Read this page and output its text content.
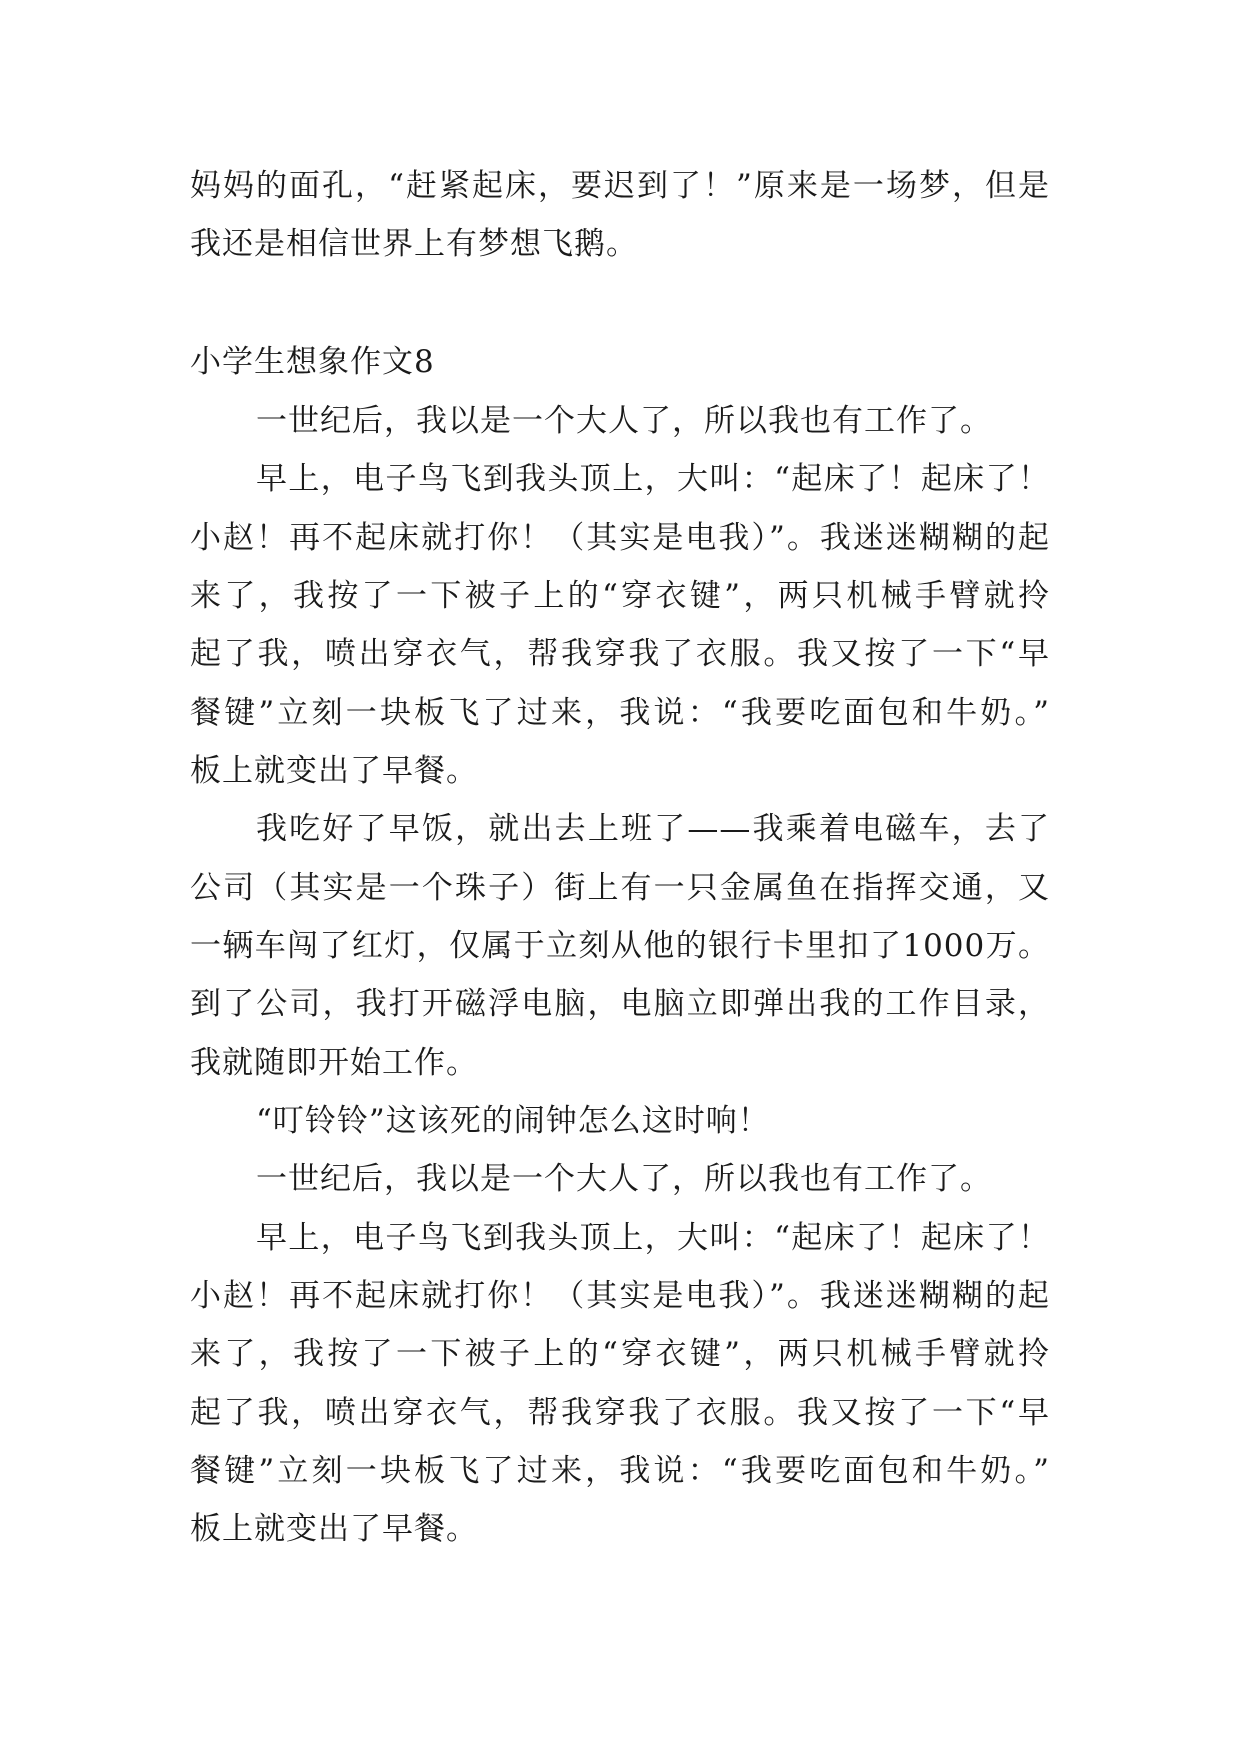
妈妈的面孔，“赶紧起床，要迟到了！”原来是一场梦，但是
我还是相信世界上有梦想飞鹅。
小学生想象作文8
一世纪后，我以是一个大人了，所以我也有工作了。
早上，电子鸟飞到我头顶上，大叫：“起床了！起床了！
小赵！再不起床就打你！（其实是电我）”。我迷迷糊糊的起
来了，我按了一下被子上的“穿衣键”，两只机械手臂就拎
起了我，喷出穿衣气，帮我穿我了衣服。我又按了一下“早
餐键”立刻一块板飞了过来，我说：“我要吃面包和牛奶。”
板上就变出了早餐。
我吃好了早饭，就出去上班了——我乘着电磁车，去了
公司（其实是一个珠子）街上有一只金属鱼在指挥交通，又
一辆车闯了红灯，仅属于立刻从他的银行卡里扣了1000万。
到了公司，我打开磁浮电脑，电脑立即弹出我的工作目录，
我就随即开始工作。
“叮铃铃”这该死的闹钟怎么这时响！
一世纪后，我以是一个大人了，所以我也有工作了。
早上，电子鸟飞到我头顶上，大叫：“起床了！起床了！
小赵！再不起床就打你！（其实是电我）”。我迷迷糊糊的起
来了，我按了一下被子上的“穿衣键”，两只机械手臂就拎
起了我，喷出穿衣气，帮我穿我了衣服。我又按了一下“早
餐键”立刻一块板飞了过来，我说：“我要吃面包和牛奶。”
板上就变出了早餐。
